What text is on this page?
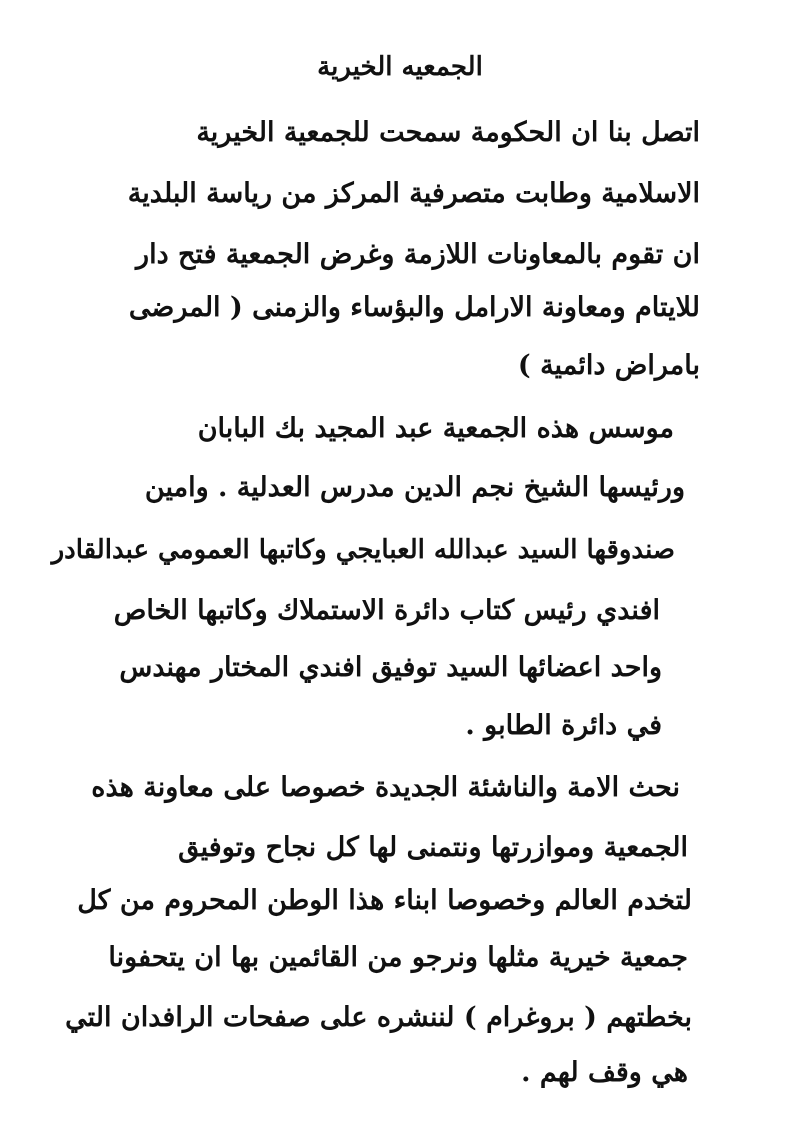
الجمعيه الخيرية
اتصل بنا ان الحكومة سمحت للجمعية الخيرية
الاسلامية وطابت متصرفية المركز من رياسة البلدية
ان تقوم بالمعاونات اللازمة وغرض الجمعية فتح دار
للايتام ومعاونة الارامل والبؤساء والزمنى ( المرضى
بامراض دائمية )
موسس هذه الجمعية عبد المجيد بك البابان
ورئيسها الشيخ نجم الدين مدرس العدلية . وامين
صندوقها السيد عبدالله العبايجي وكاتبها العمومي عبدالقادر
افندي رئيس كتاب دائرة الاستملاك وكاتبها الخاص
واحد اعضائها السيد توفيق افندي المختار مهندس
في دائرة الطابو .
نحث الامة والناشئة الجديدة خصوصا على معاونة هذه
الجمعية وموازرتها ونتمنى لها كل نجاح وتوفيق
لتخدم العالم وخصوصا ابناء هذا الوطن المحروم من كل
جمعية خيرية مثلها ونرجو من القائمين بها ان يتحفونا
بخطتهم ( بروغرام ) لننشره على صفحات الرافدان التي
هي وقف لهم .
